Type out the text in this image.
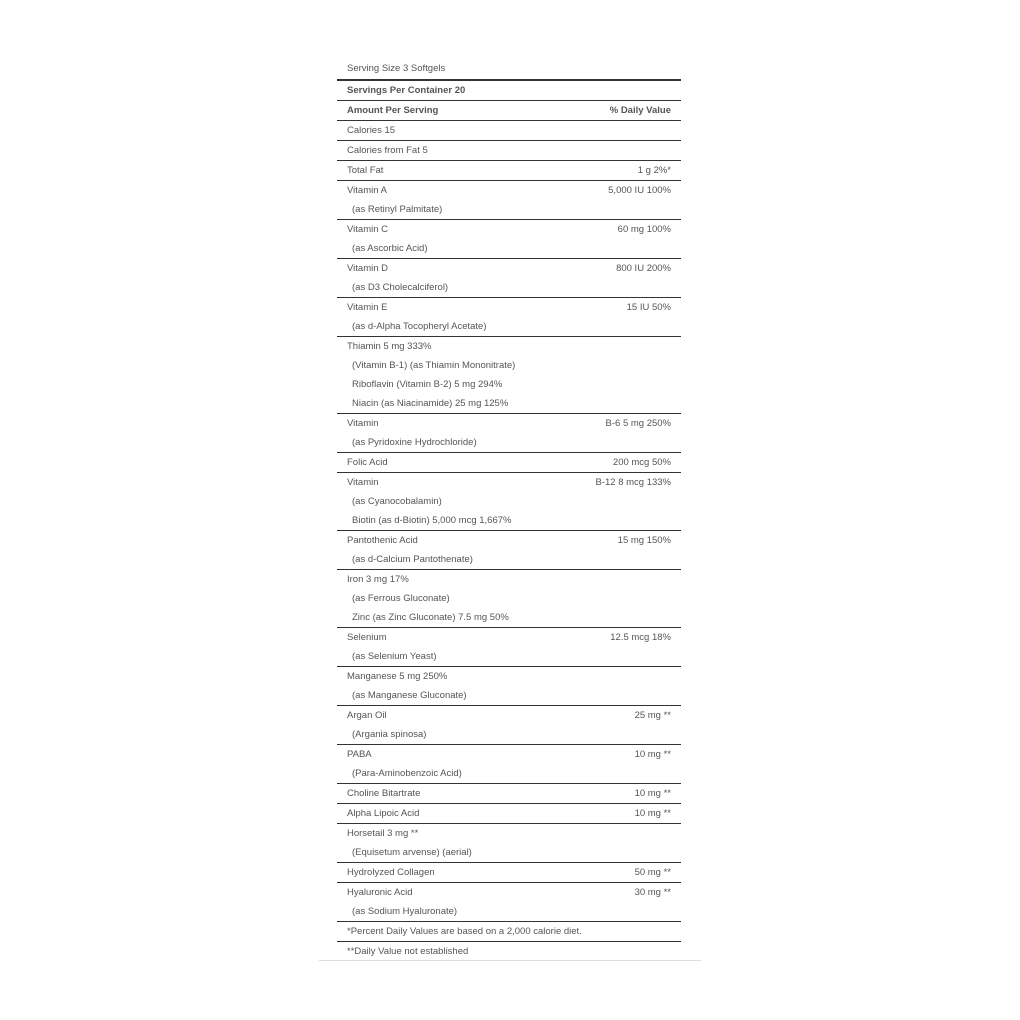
Serving Size 3 Softgels
Servings Per Container 20
Amount Per Serving	% Daily Value
Calories 15
Calories from Fat 5
Total Fat	1 g 2%*
Vitamin A	5,000 IU 100%
(as Retinyl Palmitate)
Vitamin C	60 mg 100%
(as Ascorbic Acid)
Vitamin D	800 IU 200%
(as D3 Cholecalciferol)
Vitamin E	15 IU 50%
(as d-Alpha Tocopheryl Acetate)
Thiamin 5 mg 333%
(Vitamin B-1) (as Thiamin Mononitrate)
Riboflavin (Vitamin B-2) 5 mg 294%
Niacin (as Niacinamide) 25 mg 125%
Vitamin	B-6 5 mg 250%
(as Pyridoxine Hydrochloride)
Folic Acid	200 mcg 50%
Vitamin	B-12 8 mcg 133%
(as Cyanocobalamin)
Biotin (as d-Biotin) 5,000 mcg 1,667%
Pantothenic Acid	15 mg 150%
(as d-Calcium Pantothenate)
Iron 3 mg 17%
(as Ferrous Gluconate)
Zinc (as Zinc Gluconate) 7.5 mg 50%
Selenium	12.5 mcg 18%
(as Selenium Yeast)
Manganese 5 mg 250%
(as Manganese Gluconate)
Argan Oil	25 mg **
(Argania spinosa)
PABA	10 mg **
(Para-Aminobenzoic Acid)
Choline Bitartrate	10 mg **
Alpha Lipoic Acid	10 mg **
Horsetail 3 mg **
(Equisetum arvense) (aerial)
Hydrolyzed Collagen	50 mg **
Hyaluronic Acid	30 mg **
(as Sodium Hyaluronate)
*Percent Daily Values are based on a 2,000 calorie diet.
**Daily Value not established
